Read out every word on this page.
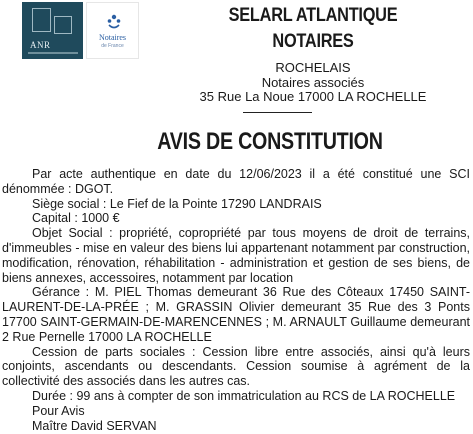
ANR
Notaires
de France
SELARL ATLANTIQUE
NOTAIRES
ROCHELAIS
Notaires associés
35 Rue La Noue 17000 LA ROCHELLE
AVIS DE CONSTITUTION

Par acte authentique en date du 12/06/2023 il a été constitué une SCI dénommée : DGOT.

Siège social : Le Fief de la Pointe 17290 LANDRAIS

Capital : 1000 €

Objet Social : propriété, copropriété par tous moyens de droit de terrains, d'immeubles - mise en valeur des biens lui appartenant notamment par construction, modification, rénovation, réhabilitation - administration et gestion de ses biens, de biens annexes, accessoires, notamment par location

Gérance : M. PIEL Thomas demeurant 36 Rue des Côteaux 17450 SAINT-LAURENT-DE-LA-PRÉE ; M. GRASSIN Olivier demeurant 35 Rue des 3 Ponts 17700 SAINT-GERMAIN-DE-MARENCENNES ; M. ARNAULT Guillaume demeurant 2 Rue Pernelle 17000 LA ROCHELLE

Cession de parts sociales : Cession libre entre associés, ainsi qu'à leurs conjoints, ascendants ou descendants. Cession soumise à agrément de la collectivité des associés dans les autres cas.

Durée : 99 ans à compter de son immatriculation au RCS de LA ROCHELLE

Pour Avis

Maître David SERVAN
